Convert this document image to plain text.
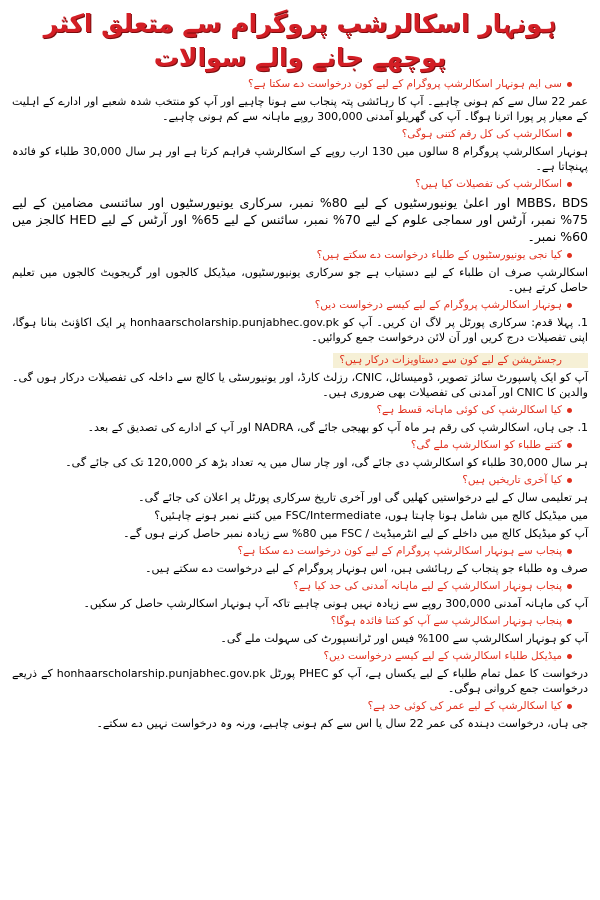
ہونہار اسکالرشپ پروگرام سے متعلق اکثر پوچھے جانے والے سوالات
سی ایم ہونہار اسکالرشپ پروگرام کے لیے کون درخواست دے سکتا ہے؟
عمر 22 سال سے کم ہونی چاہیے۔ آپ کا رہائشی پتہ پنجاب سے ہونا چاہیے اور آپ کو منتخب شدہ شعبے اور ادارے کے اہلیت کے معیار پر پورا اترنا ہوگا۔ آپ کی گھریلو آمدنی 300,000 روپے ماہانہ سے کم ہونی چاہیے۔
اسکالرشپ کی کل رقم کتنی ہوگی؟
ہونہار اسکالرشپ پروگرام 8 سالوں میں 130 ارب روپے کے اسکالرشپ فراہم کرتا ہے اور ہر سال 30,000 طلباء کو فائدہ پہنچاتا ہے۔
اسکالرشپ کی تفصیلات کیا ہیں؟
MBBS، BDS اور اعلیٰ یونیورسٹیوں کے لیے 80% نمبر، سرکاری یونیورسٹیوں اور سائنسی مضامین کے لیے 75% نمبر، آرٹس اور سماجی علوم کے لیے 70% نمبر، سائنس کے لیے 65% اور آرٹس کے لیے HED کالجز میں 60% نمبر۔
کیا نجی یونیورسٹیوں کے طلباء درخواست دے سکتے ہیں؟
اسکالرشپ صرف ان طلباء کے لیے دستیاب ہے جو سرکاری یونیورسٹیوں، میڈیکل کالجوں اور گریجویٹ کالجوں میں تعلیم حاصل کرتے ہیں۔
ہونہار اسکالرشپ پروگرام کے لیے کیسے درخواست دیں؟
1. پہلا قدم: سرکاری پورٹل پر لاگ ان کریں۔ آپ کو honhaarscholarship.punjabhec.gov.pk پر ایک اکاؤنٹ بنانا ہوگا، اپنی تفصیلات درج کریں اور آن لائن درخواست جمع کروائیں۔
رجسٹریشن کے لیے کون سے دستاویزات درکار ہیں؟
آپ کو ایک پاسپورٹ سائز تصویر، ڈومیسائل، CNIC، رزلٹ کارڈ، اور یونیورسٹی یا کالج سے داخلہ کی تفصیلات درکار ہوں گی۔ والدین کا CNIC اور آمدنی کی تفصیلات بھی ضروری ہیں۔
کیا اسکالرشپ کی کوئی ماہانہ قسط ہے؟
1. جی ہاں، اسکالرشپ کی رقم ہر ماہ آپ کو بھیجی جائے گی، NADRA اور آپ کے ادارے کی تصدیق کے بعد۔
کتنے طلباء کو اسکالرشپ ملے گی؟
ہر سال 30,000 طلباء کو اسکالرشپ دی جائے گی، اور چار سال میں یہ تعداد بڑھ کر 120,000 تک کی جائے گی۔
کیا آخری تاریخیں ہیں؟
ہر تعلیمی سال کے لیے درخواستیں کھلیں گی اور آخری تاریخ سرکاری پورٹل پر اعلان کی جائے گی۔
میں میڈیکل کالج میں شامل ہونا چاہتا ہوں، FSC/Intermediate میں کتنے نمبر ہونے چاہئیں؟
آپ کو میڈیکل کالج میں داخلے کے لیے انٹرمیڈیٹ / FSC میں 80% سے زیادہ نمبر حاصل کرنے ہوں گے۔
پنجاب سے ہونہار اسکالرشپ پروگرام کے لیے کون درخواست دے سکتا ہے؟
صرف وہ طلباء جو پنجاب کے رہائشی ہیں، اس ہونہار پروگرام کے لیے درخواست دے سکتے ہیں۔
پنجاب ہونہار اسکالرشپ کے لیے ماہانہ آمدنی کی حد کیا ہے؟
آپ کی ماہانہ آمدنی 300,000 روپے سے زیادہ نہیں ہونی چاہیے تاکہ آپ ہونہار اسکالرشپ حاصل کر سکیں۔
پنجاب ہونہار اسکالرشپ سے آپ کو کتنا فائدہ ہوگا؟
آپ کو ہونہار اسکالرشپ سے 100% فیس اور ٹرانسپورٹ کی سہولت ملے گی۔
میڈیکل طلباء اسکالرشپ کے لیے کیسے درخواست دیں؟
درخواست کا عمل تمام طلباء کے لیے یکساں ہے، آپ کو PHEC پورٹل honhaarscholarship.punjabhec.gov.pk کے ذریعے درخواست جمع کروانی ہوگی۔
کیا اسکالرشپ کے لیے عمر کی کوئی حد ہے؟
جی ہاں، درخواست دہندہ کی عمر 22 سال یا اس سے کم ہونی چاہیے، ورنہ وہ درخواست نہیں دے سکتے۔
